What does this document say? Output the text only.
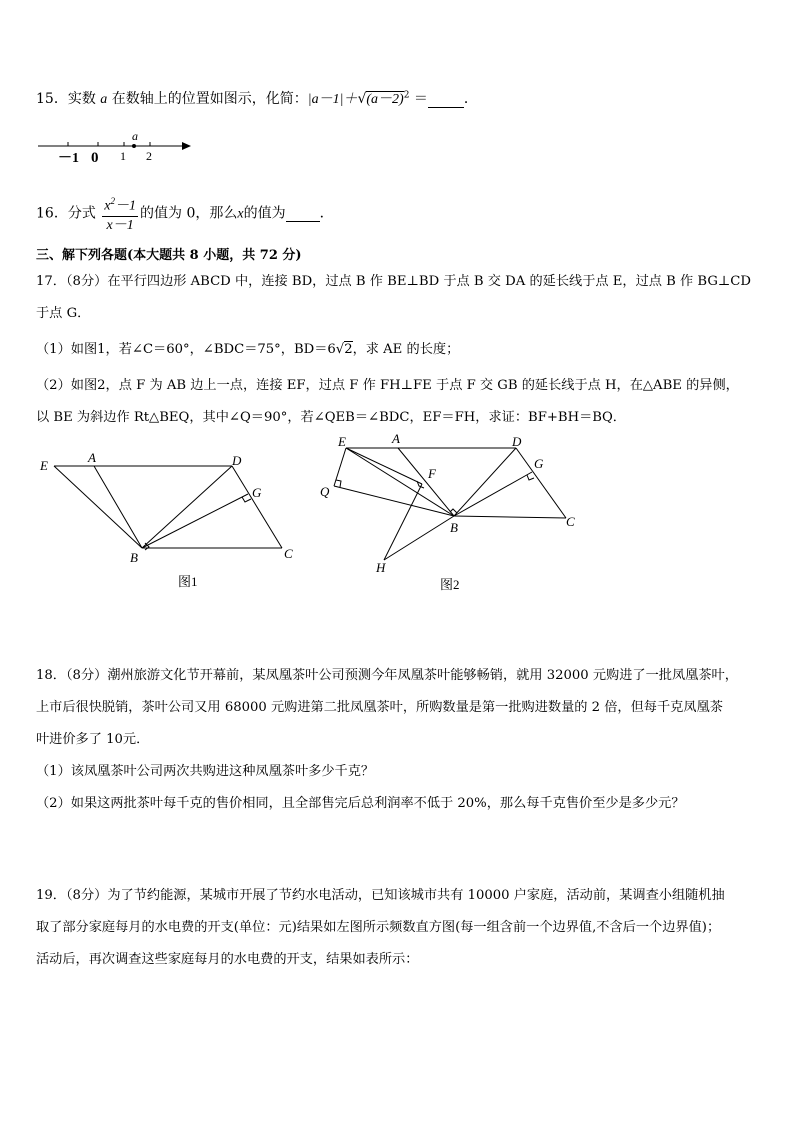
15．实数 a 在数轴上的位置如图示，化简：$|a-1|+√(a-2)^2$ ＝	．
a
－1 0 1 2
16．分式 $\frac{x^2-1}{x-1}$ 的值为 0，那么x的值为 ．
三、解下列各题(本大题共 8 小题，共 72 分)
17．（8分）在平行四边形 ABCD 中，连接 BD，过点 B 作 BE⊥BD 于点 B 交 DA 的延长线于点 E，过点 B 作 BG⊥CD
于点 G．
（1）如图1，若∠C＝60°，∠BDC＝75°，BD＝6√2，求 AE 的长度；
（2）如图2，点 F 为 AB 边上一点，连接 EF，过点 F 作 FH⊥FE 于点 F 交 GB 的延长线于点 H，在△ABE 的异侧，
以 BE 为斜边作 Rt△BEQ，其中∠Q＝90°，若∠QEB＝∠BDC，EF＝FH，求证：BF+BH＝BQ．
E
A	D
G
B	C
图1
E	A	D
G
F
Q
B	C
H
图2
18．（8分）潮州旅游文化节开幕前，某凤凰茶叶公司预测今年凤凰茶叶能够畅销，就用 32000 元购进了一批凤凰茶叶，
上市后很快脱销，茶叶公司又用 68000 元购进第二批凤凰茶叶，所购数量是第一批购进数量的 2 倍，但每千克凤凰茶
叶进价多了 10元．
（1）该凤凰茶叶公司两次共购进这种凤凰茶叶多少千克？
（2）如果这两批茶叶每千克的售价相同，且全部售完后总利润率不低于 20%，那么每千克售价至少是多少元？
19．（8分）为了节约能源，某城市开展了节约水电活动，已知该城市共有 10000 户家庭，活动前，某调查小组随机抽
取了部分家庭每月的水电费的开支(单位：元)结果如左图所示频数直方图(每一组含前一个边界值,不含后一个边界值)；
活动后，再次调查这些家庭每月的水电费的开支，结果如表所示：
